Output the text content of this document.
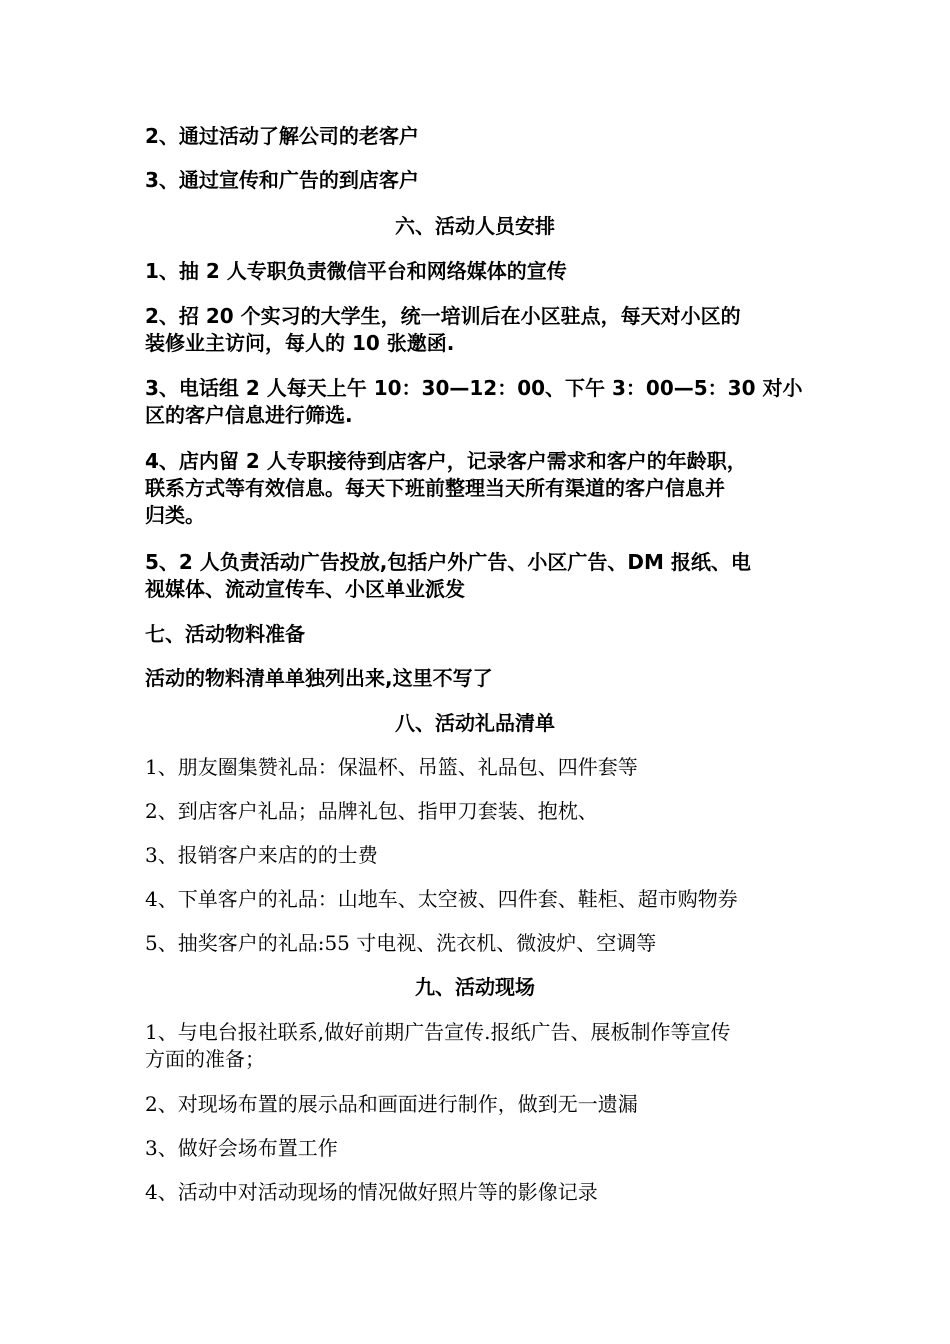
2、通过活动了解公司的老客户
3、通过宣传和广告的到店客户
六、活动人员安排
1、抽 2 人专职负责微信平台和网络媒体的宣传
2、招 20 个实习的大学生，统一培训后在小区驻点，每天对小区的
装修业主访问，每人的 10 张邀函.
3、电话组 2 人每天上午 10：30—12：00、下午 3：00—5：30 对小
区的客户信息进行筛选.
4、店内留 2 人专职接待到店客户，记录客户需求和客户的年龄职，
联系方式等有效信息。每天下班前整理当天所有渠道的客户信息并
归类。
5、2 人负责活动广告投放,包括户外广告、小区广告、DM 报纸、电
视媒体、流动宣传车、小区单业派发
七、活动物料准备
活动的物料清单单独列出来,这里不写了
八、活动礼品清单
1、朋友圈集赞礼品：保温杯、吊篮、礼品包、四件套等
2、到店客户礼品；品牌礼包、指甲刀套装、抱枕、
3、报销客户来店的的士费
4、下单客户的礼品：山地车、太空被、四件套、鞋柜、超市购物券
5、抽奖客户的礼品:55 寸电视、洗衣机、微波炉、空调等
九、活动现场
1、与电台报社联系,做好前期广告宣传.报纸广告、展板制作等宣传
方面的准备；
2、对现场布置的展示品和画面进行制作，做到无一遗漏
3、做好会场布置工作
4、活动中对活动现场的情况做好照片等的影像记录
